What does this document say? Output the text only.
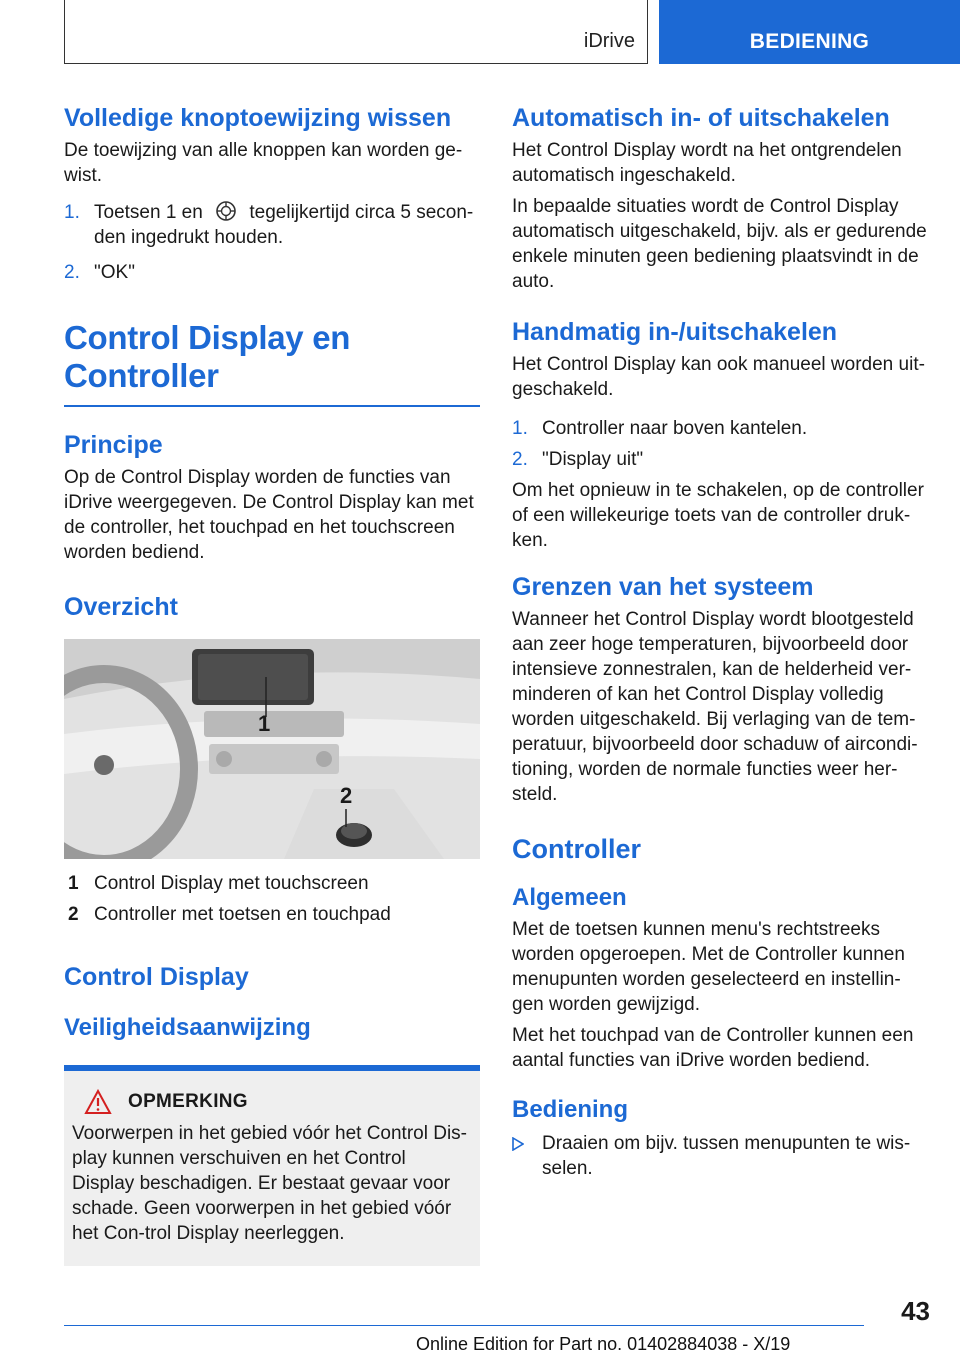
iDrive	BEDIENING
Volledige knoptoewijzing wissen

De toewijzing van alle knoppen kan worden ge-wist.

1. Toetsen 1 en  tegelijkertijd circa 5 secon-den ingedrukt houden.
2. "OK"
Control Display en
Controller
Principe

Op de Control Display worden de functies van iDrive weergegeven. De Control Display kan met de controller, het touchpad en het touchscreen worden bediend.

Overzicht
1
2
1 Control Display met touchscreen
2 Controller met toetsen en touchpad
Control Display
Veiligheidsaanwijzing
OPMERKING

Voorwerpen in het gebied vóór het Control Dis-play kunnen verschuiven en het Control Display beschadigen. Er bestaat gevaar voor schade. Geen voorwerpen in het gebied vóór het Con-trol Display neerleggen.

Automatisch in- of uitschakelen

Het Control Display wordt na het ontgrendelen automatisch ingeschakeld.

In bepaalde situaties wordt de Control Display automatisch uitgeschakeld, bijv. als er gedurende enkele minuten geen bediening plaatsvindt in de auto.

Handmatig in-/uitschakelen

Het Control Display kan ook manueel worden uit-geschakeld.

1. Controller naar boven kantelen.
2. "Display uit"

Om het opnieuw in te schakelen, op de controller of een willekeurige toets van de controller druk-ken.

Grenzen van het systeem

Wanneer het Control Display wordt blootgesteld aan zeer hoge temperaturen, bijvoorbeeld door intensieve zonnestralen, kan de helderheid ver-minderen of kan het Control Display volledig worden uitgeschakeld. Bij verlaging van de tem-peratuur, bijvoorbeeld door schaduw of aircondi-tioning, worden de normale functies weer her-steld.

Controller
Algemeen

Met de toetsen kunnen menu's rechtstreeks worden opgeroepen. Met de Controller kunnen menupunten worden geselecteerd en instellin-gen worden gewijzigd.

Met het touchpad van de Controller kunnen een aantal functies van iDrive worden bediend.

Bediening
Draaien om bijv. tussen menupunten te wis-selen.
43
Online Edition for Part no. 01402884038 - X/19
